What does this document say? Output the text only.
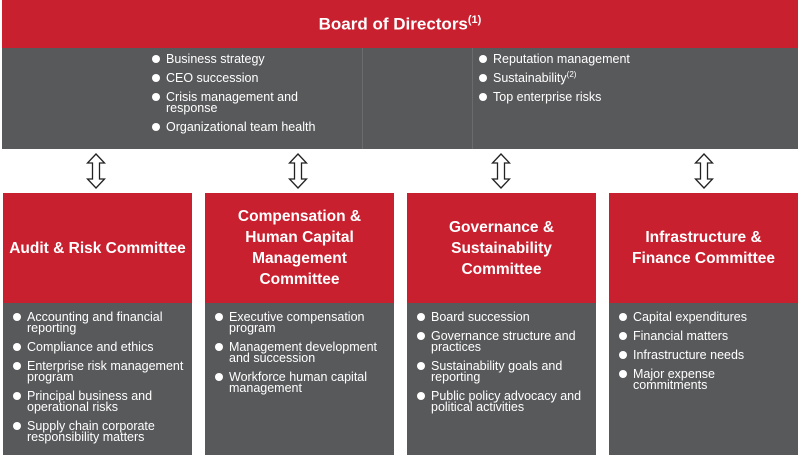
Board of Directors$^{(1)}$
Business strategy
CEO succession
Crisis management and response
Organizational team health
Reputation management
Sustainability$^{(2)}$
Top enterprise risks
Audit & Risk Committee
Accounting and financial reporting
Compliance and ethics
Enterprise risk management program
Principal business and operational risks
Supply chain corporate responsibility matters
Compensation & Human Capital Management Committee
Executive compensation program
Management development and succession
Workforce human capital management
Governance & Sustainability Committee
Board succession
Governance structure and practices
Sustainability goals and reporting
Public policy advocacy and political activities
Infrastructure & Finance Committee
Capital expenditures
Financial matters
Infrastructure needs
Major expense commitments
